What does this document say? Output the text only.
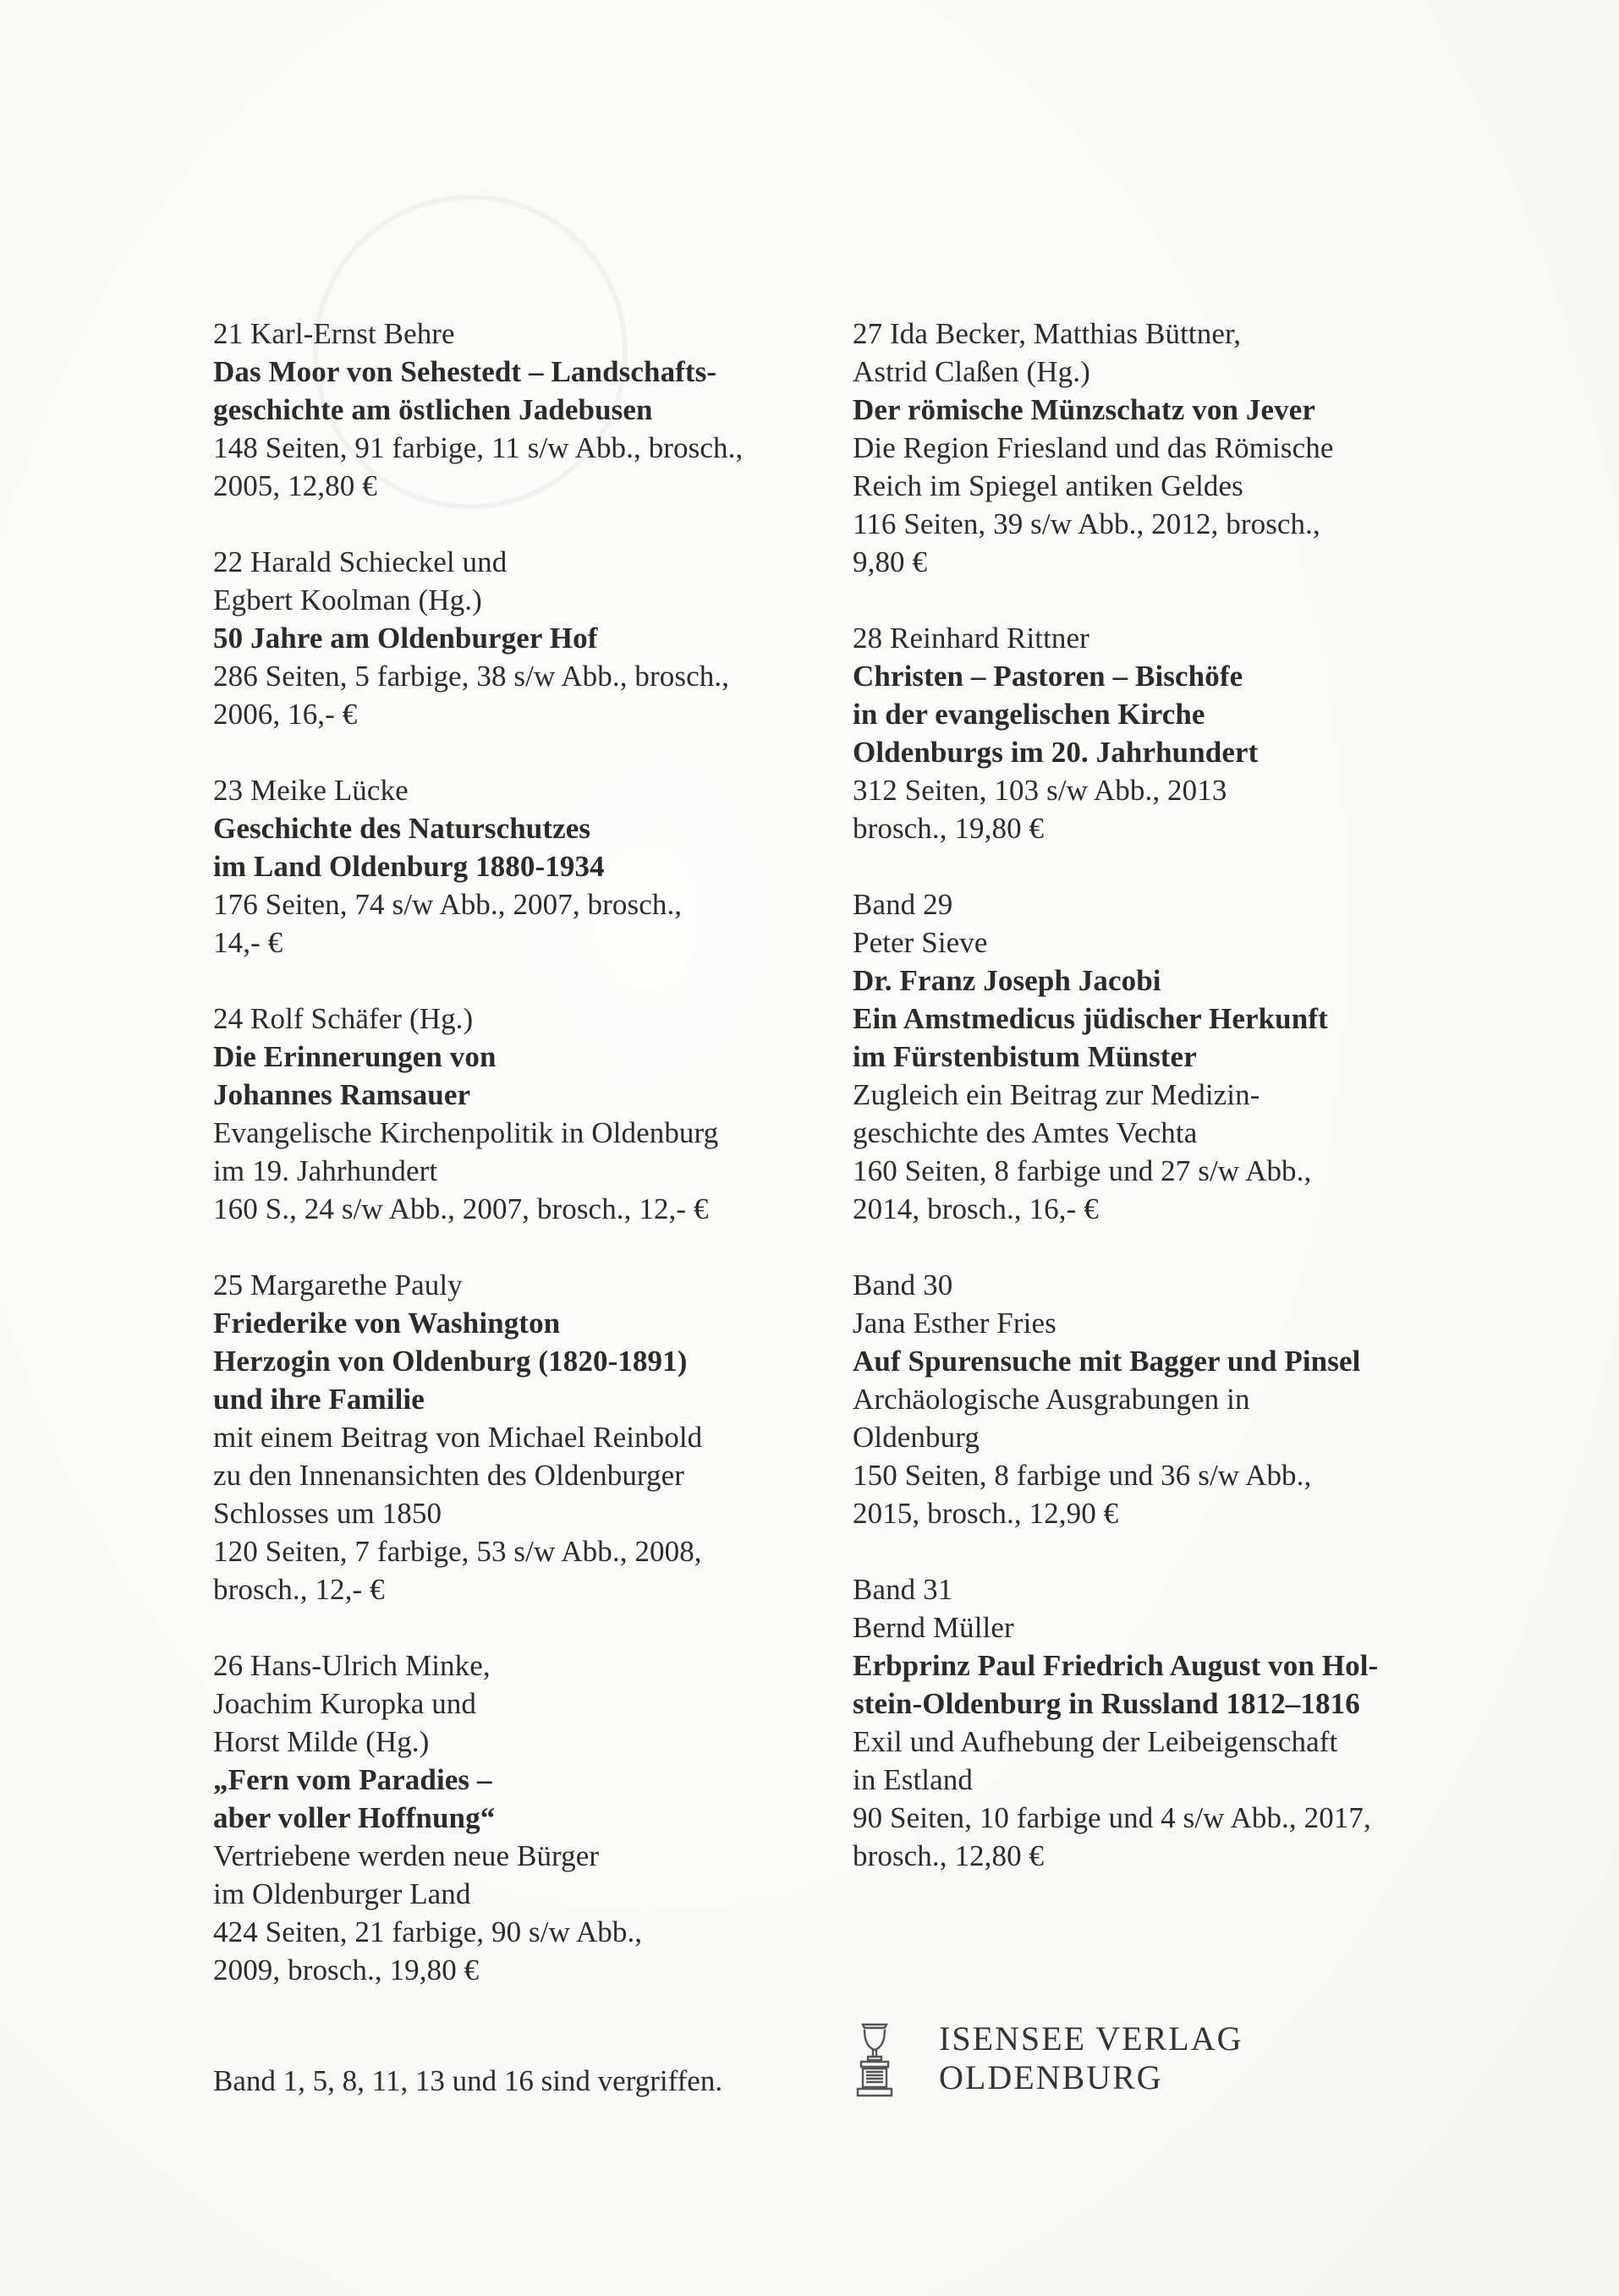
21 Karl-Ernst Behre
Das Moor von Sehestedt – Landschafts-
geschichte am östlichen Jadebusen
148 Seiten, 91 farbige, 11 s/w Abb., brosch.,
2005, 12,80 €
22 Harald Schieckel und
Egbert Koolman (Hg.)
50 Jahre am Oldenburger Hof
286 Seiten, 5 farbige, 38 s/w Abb., brosch.,
2006, 16,- €
23 Meike Lücke
Geschichte des Naturschutzes
im Land Oldenburg 1880-1934
176 Seiten, 74 s/w Abb., 2007, brosch.,
14,- €
24 Rolf Schäfer (Hg.)
Die Erinnerungen von
Johannes Ramsauer
Evangelische Kirchenpolitik in Oldenburg
im 19. Jahrhundert
160 S., 24 s/w Abb., 2007, brosch., 12,- €
25 Margarethe Pauly
Friederike von Washington
Herzogin von Oldenburg (1820-1891)
und ihre Familie
mit einem Beitrag von Michael Reinbold
zu den Innenansichten des Oldenburger
Schlosses um 1850
120 Seiten, 7 farbige, 53 s/w Abb., 2008,
brosch., 12,- €
26 Hans-Ulrich Minke,
Joachim Kuropka und
Horst Milde (Hg.)
„Fern vom Paradies –
aber voller Hoffnung“
Vertriebene werden neue Bürger
im Oldenburger Land
424 Seiten, 21 farbige, 90 s/w Abb.,
2009, brosch., 19,80 €
27 Ida Becker, Matthias Büttner,
Astrid Claßen (Hg.)
Der römische Münzschatz von Jever
Die Region Friesland und das Römische
Reich im Spiegel antiken Geldes
116 Seiten, 39 s/w Abb., 2012, brosch.,
9,80 €
28 Reinhard Rittner
Christen – Pastoren – Bischöfe
in der evangelischen Kirche
Oldenburgs im 20. Jahrhundert
312 Seiten, 103 s/w Abb., 2013
brosch., 19,80 €
Band 29
Peter Sieve
Dr. Franz Joseph Jacobi
Ein Amstmedicus jüdischer Herkunft
im Fürstenbistum Münster
Zugleich ein Beitrag zur Medizin-
geschichte des Amtes Vechta
160 Seiten, 8 farbige und 27 s/w Abb.,
2014, brosch., 16,- €
Band 30
Jana Esther Fries
Auf Spurensuche mit Bagger und Pinsel
Archäologische Ausgrabungen in
Oldenburg
150 Seiten, 8 farbige und 36 s/w Abb.,
2015, brosch., 12,90 €
Band 31
Bernd Müller
Erbprinz Paul Friedrich August von Hol-
stein-Oldenburg in Russland 1812–1816
Exil und Aufhebung der Leibeigenschaft
in Estland
90 Seiten, 10 farbige und 4 s/w Abb., 2017,
brosch., 12,80 €
Band 1, 5, 8, 11, 13 und 16 sind vergriffen.
ISENSEE VERLAG
OLDENBURG
